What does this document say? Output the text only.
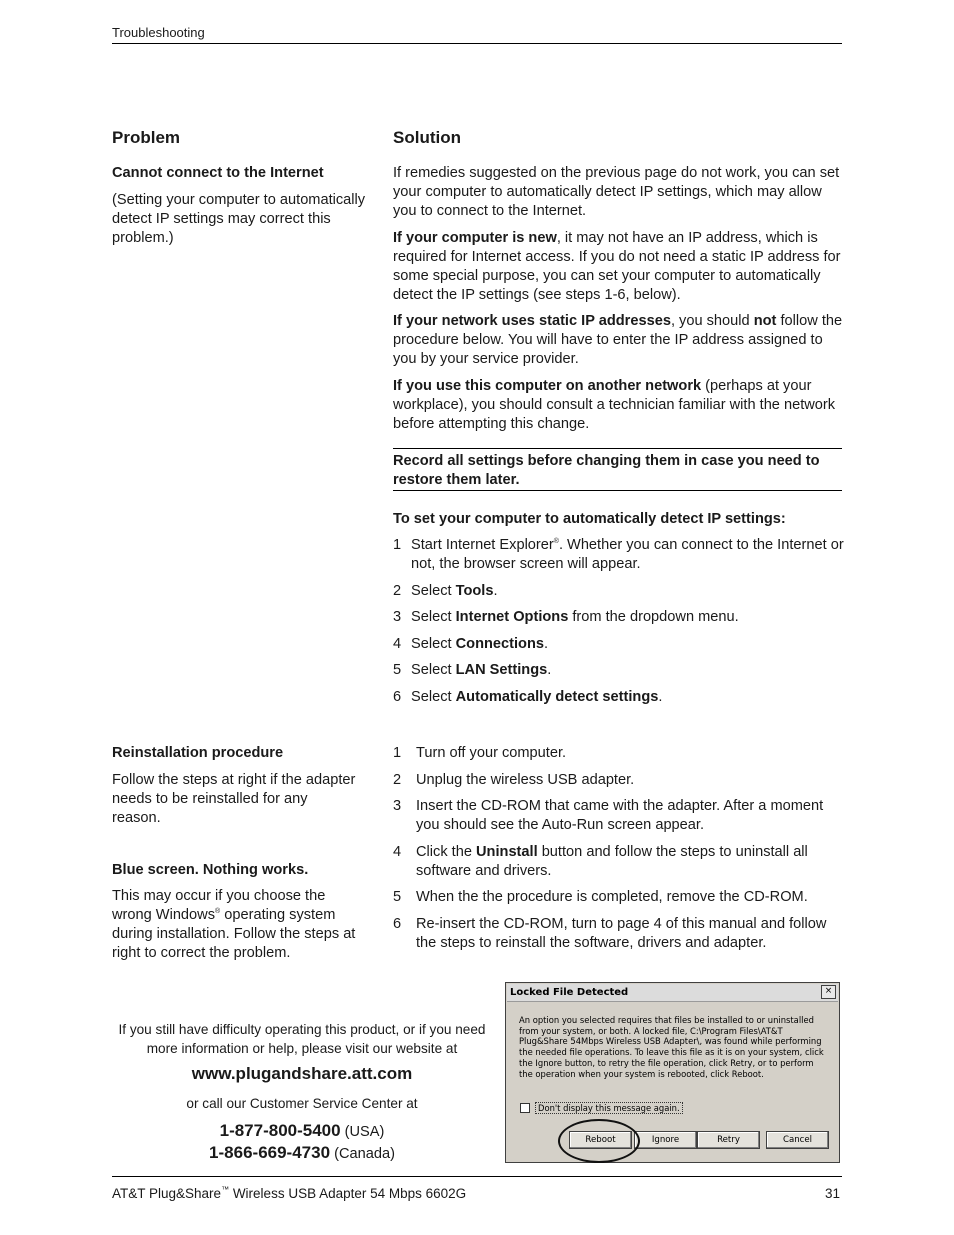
Troubleshooting
Problem	Solution
Cannot connect to the Internet
(Setting your computer to automatically detect IP settings may correct this problem.)

If remedies suggested on the previous page do not work, you can set your computer to automatically detect IP settings, which may allow you to connect to the Internet.

If your computer is new, it may not have an IP address, which is required for Internet access. If you do not need a static IP address for some special purpose, you can set your computer to automatically detect the IP settings (see steps 1-6, below).

If your network uses static IP addresses, you should not follow the procedure below. You will have to enter the IP address assigned to you by your service provider.

If you use this computer on another network (perhaps at your workplace), you should consult a technician familiar with the network before attempting this change.

Record all settings before changing them in case you need to restore them later.
To set your computer to automatically detect IP settings:
1 Start Internet Explorer®. Whether you can connect to the Internet or not, the browser screen will appear.
2 Select Tools.
3 Select Internet Options from the dropdown menu.
4 Select Connections.
5 Select LAN Settings.
6 Select Automatically detect settings.
Reinstallation procedure
Follow the steps at right if the adapter needs to be reinstalled for any reason.
Blue screen. Nothing works.
This may occur if you choose the wrong Windows® operating system during installation. Follow the steps at right to correct the problem.
1 Turn off your computer.
2 Unplug the wireless USB adapter.
3 Insert the CD-ROM that came with the adapter. After a moment you should see the Auto-Run screen appear.
4 Click the Uninstall button and follow the steps to uninstall all software and drivers.
5 When the the procedure is completed, remove the CD-ROM.
6 Re-insert the CD-ROM, turn to page 4 of this manual and follow the steps to reinstall the software, drivers and adapter.
If you still have difficulty operating this product, or if you need more information or help, please visit our website at
www.plugandshare.att.com
or call our Customer Service Center at
1-877-800-5400 (USA)
1-866-669-4730 (Canada)
Locked File Detected	×
An option you selected requires that files be installed to or uninstalled from your system, or both. A locked file, C:\Program Files\AT&T Plug&Share 54Mbps Wireless USB Adapter\, was found while performing the needed file operations. To leave this file as it is on your system, click the Ignore button, to retry the file operation, click Retry, or to perform the operation when your system is rebooted, click Reboot.
Don't display this message again.
Reboot	Ignore	Retry	Cancel
AT&T Plug&Share™ Wireless USB Adapter 54 Mbps 6602G	31
